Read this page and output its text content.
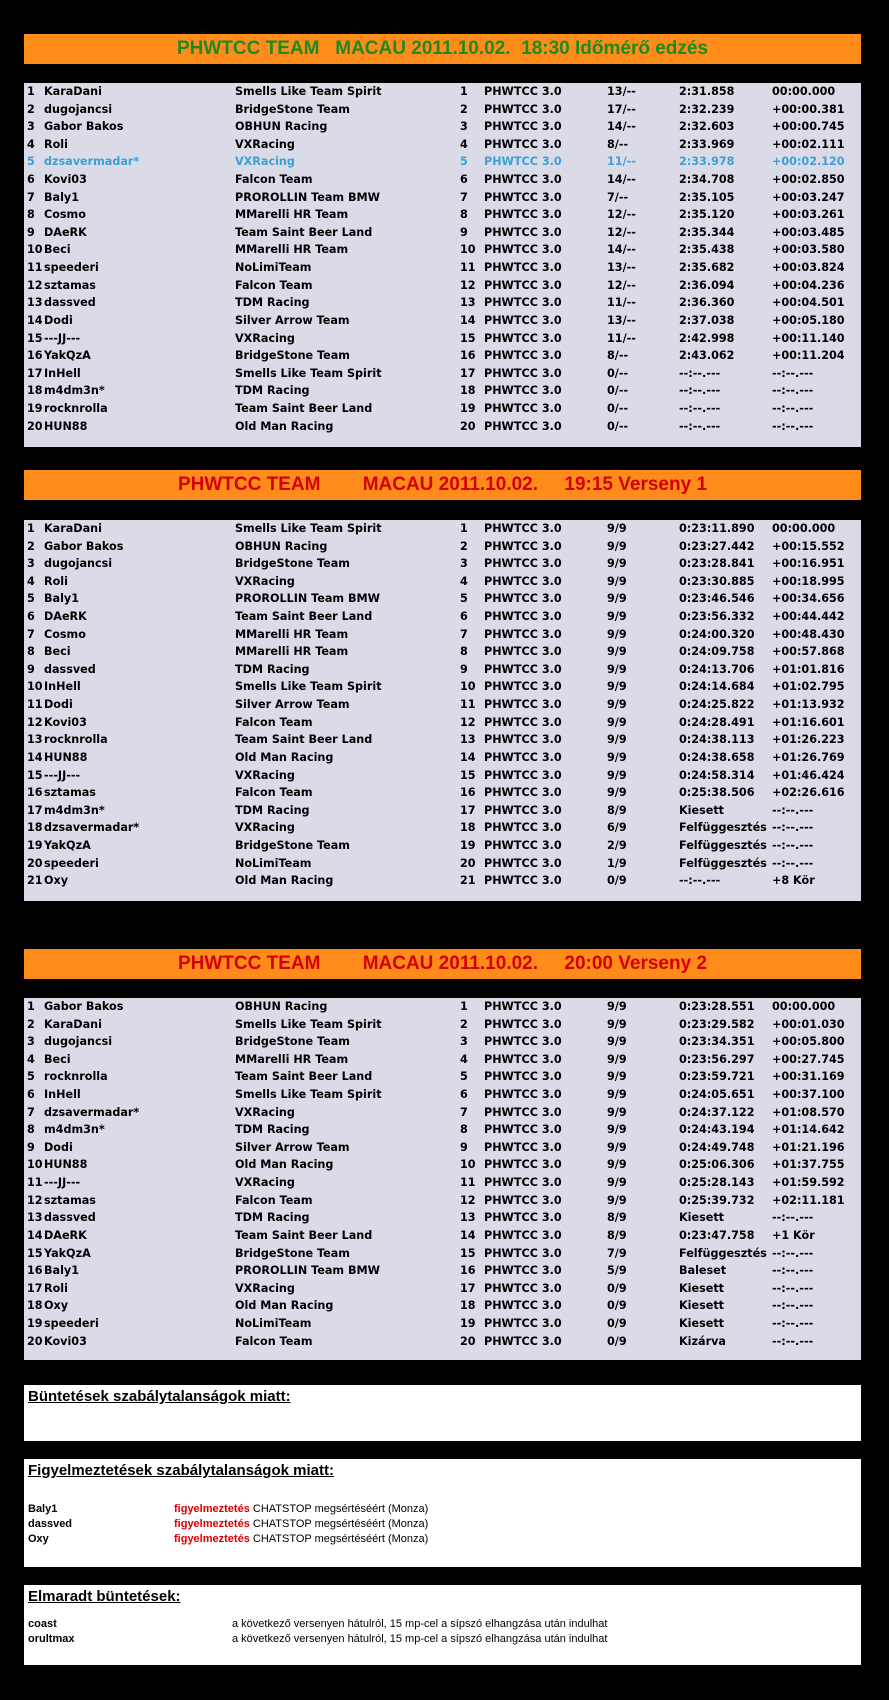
PHWTCC TEAM   MACAU 2011.10.02.  18:30 Időmérő edzés
1 KaraDani	Smells Like Team Spirit	1 PHWTCC 3.0	13/--	2:31.858	00:00.000
2 dugojancsi	BridgeStone Team	2 PHWTCC 3.0	17/--	2:32.239	+00:00.381
3 Gabor Bakos	OBHUN Racing	3 PHWTCC 3.0	14/--	2:32.603	+00:00.745
4 Roli	VXRacing	4 PHWTCC 3.0	8/--	2:33.969	+00:02.111
5 dzsavermadar*	VXRacing	5 PHWTCC 3.0	11/--	2:33.978	+00:02.120
6 Kovi03	Falcon Team	6 PHWTCC 3.0	14/--	2:34.708	+00:02.850
7 Baly1	PROROLLIN Team BMW	7 PHWTCC 3.0	7/--	2:35.105	+00:03.247
8 Cosmo	MMarelli HR Team	8 PHWTCC 3.0	12/--	2:35.120	+00:03.261
9 DAeRK	Team Saint Beer Land	9 PHWTCC 3.0	12/--	2:35.344	+00:03.485
10 Beci	MMarelli HR Team	10 PHWTCC 3.0	14/--	2:35.438	+00:03.580
11 speederi	NoLimiTeam	11 PHWTCC 3.0	13/--	2:35.682	+00:03.824
12 sztamas	Falcon Team	12 PHWTCC 3.0	12/--	2:36.094	+00:04.236
13 dassved	TDM Racing	13 PHWTCC 3.0	11/--	2:36.360	+00:04.501
14 Dodi	Silver Arrow Team	14 PHWTCC 3.0	13/--	2:37.038	+00:05.180
15 ---JJ---	VXRacing	15 PHWTCC 3.0	11/--	2:42.998	+00:11.140
16 YakQzA	BridgeStone Team	16 PHWTCC 3.0	8/--	2:43.062	+00:11.204
17 InHell	Smells Like Team Spirit	17 PHWTCC 3.0	0/--	--:--.---	--:--.---
18 m4dm3n*	TDM Racing	18 PHWTCC 3.0	0/--	--:--.---	--:--.---
19 rocknrolla	Team Saint Beer Land	19 PHWTCC 3.0	0/--	--:--.---	--:--.---
20 HUN88	Old Man Racing	20 PHWTCC 3.0	0/--	--:--.---	--:--.---
PHWTCC TEAM        MACAU 2011.10.02.     19:15 Verseny 1
1 KaraDani	Smells Like Team Spirit	1 PHWTCC 3.0	9/9	0:23:11.890 00:00.000
2 Gabor Bakos	OBHUN Racing	2 PHWTCC 3.0	9/9	0:23:27.442 +00:15.552
3 dugojancsi	BridgeStone Team	3 PHWTCC 3.0	9/9	0:23:28.841 +00:16.951
4 Roli	VXRacing	4 PHWTCC 3.0	9/9	0:23:30.885 +00:18.995
5 Baly1	PROROLLIN Team BMW	5 PHWTCC 3.0	9/9	0:23:46.546 +00:34.656
6 DAeRK	Team Saint Beer Land	6 PHWTCC 3.0	9/9	0:23:56.332 +00:44.442
7 Cosmo	MMarelli HR Team	7 PHWTCC 3.0	9/9	0:24:00.320 +00:48.430
8 Beci	MMarelli HR Team	8 PHWTCC 3.0	9/9	0:24:09.758 +00:57.868
9 dassved	TDM Racing	9 PHWTCC 3.0	9/9	0:24:13.706 +01:01.816
10 InHell	Smells Like Team Spirit	10 PHWTCC 3.0	9/9	0:24:14.684 +01:02.795
11 Dodi	Silver Arrow Team	11 PHWTCC 3.0	9/9	0:24:25.822 +01:13.932
12 Kovi03	Falcon Team	12 PHWTCC 3.0	9/9	0:24:28.491 +01:16.601
13 rocknrolla	Team Saint Beer Land	13 PHWTCC 3.0	9/9	0:24:38.113 +01:26.223
14 HUN88	Old Man Racing	14 PHWTCC 3.0	9/9	0:24:38.658 +01:26.769
15 ---JJ---	VXRacing	15 PHWTCC 3.0	9/9	0:24:58.314 +01:46.424
16 sztamas	Falcon Team	16 PHWTCC 3.0	9/9	0:25:38.506 +02:26.616
17 m4dm3n*	TDM Racing	17 PHWTCC 3.0	8/9	Kiesett	--:--.---
18 dzsavermadar*	VXRacing	18 PHWTCC 3.0	6/9	Felfüggesztés --:--.---
19 YakQzA	BridgeStone Team	19 PHWTCC 3.0	2/9	Felfüggesztés --:--.---
20 speederi	NoLimiTeam	20 PHWTCC 3.0	1/9	Felfüggesztés --:--.---
21 Oxy	Old Man Racing	21 PHWTCC 3.0	0/9	--:--.---	+8 Kör
PHWTCC TEAM        MACAU 2011.10.02.     20:00 Verseny 2
1 Gabor Bakos	OBHUN Racing	1 PHWTCC 3.0	9/9	0:23:28.551 00:00.000
2 KaraDani	Smells Like Team Spirit	2 PHWTCC 3.0	9/9	0:23:29.582 +00:01.030
3 dugojancsi	BridgeStone Team	3 PHWTCC 3.0	9/9	0:23:34.351 +00:05.800
4 Beci	MMarelli HR Team	4 PHWTCC 3.0	9/9	0:23:56.297 +00:27.745
5 rocknrolla	Team Saint Beer Land	5 PHWTCC 3.0	9/9	0:23:59.721 +00:31.169
6 InHell	Smells Like Team Spirit	6 PHWTCC 3.0	9/9	0:24:05.651 +00:37.100
7 dzsavermadar*	VXRacing	7 PHWTCC 3.0	9/9	0:24:37.122 +01:08.570
8 m4dm3n*	TDM Racing	8 PHWTCC 3.0	9/9	0:24:43.194 +01:14.642
9 Dodi	Silver Arrow Team	9 PHWTCC 3.0	9/9	0:24:49.748 +01:21.196
10 HUN88	Old Man Racing	10 PHWTCC 3.0	9/9	0:25:06.306 +01:37.755
11 ---JJ---	VXRacing	11 PHWTCC 3.0	9/9	0:25:28.143 +01:59.592
12 sztamas	Falcon Team	12 PHWTCC 3.0	9/9	0:25:39.732 +02:11.181
13 dassved	TDM Racing	13 PHWTCC 3.0	8/9	Kiesett	--:--.---
14 DAeRK	Team Saint Beer Land	14 PHWTCC 3.0	8/9	0:23:47.758 +1 Kör
15 YakQzA	BridgeStone Team	15 PHWTCC 3.0	7/9	Felfüggesztés --:--.---
16 Baly1	PROROLLIN Team BMW	16 PHWTCC 3.0	5/9	Baleset	--:--.---
17 Roli	VXRacing	17 PHWTCC 3.0	0/9	Kiesett	--:--.---
18 Oxy	Old Man Racing	18 PHWTCC 3.0	0/9	Kiesett	--:--.---
19 speederi	NoLimiTeam	19 PHWTCC 3.0	0/9	Kiesett	--:--.---
20 Kovi03	Falcon Team	20 PHWTCC 3.0	0/9	Kizárva	--:--.---
Büntetések szabálytalanságok miatt:
Figyelmeztetések szabálytalanságok miatt:
Baly1	figyelmeztetés CHATSTOP megsértéséért (Monza)
dassved	figyelmeztetés CHATSTOP megsértéséért (Monza)
Oxy	figyelmeztetés CHATSTOP megsértéséért (Monza)
Elmaradt büntetések:
coast	a következő versenyen hátulról, 15 mp-cel a sípszó elhangzása után indulhat
orultmax	a következő versenyen hátulról, 15 mp-cel a sípszó elhangzása után indulhat
